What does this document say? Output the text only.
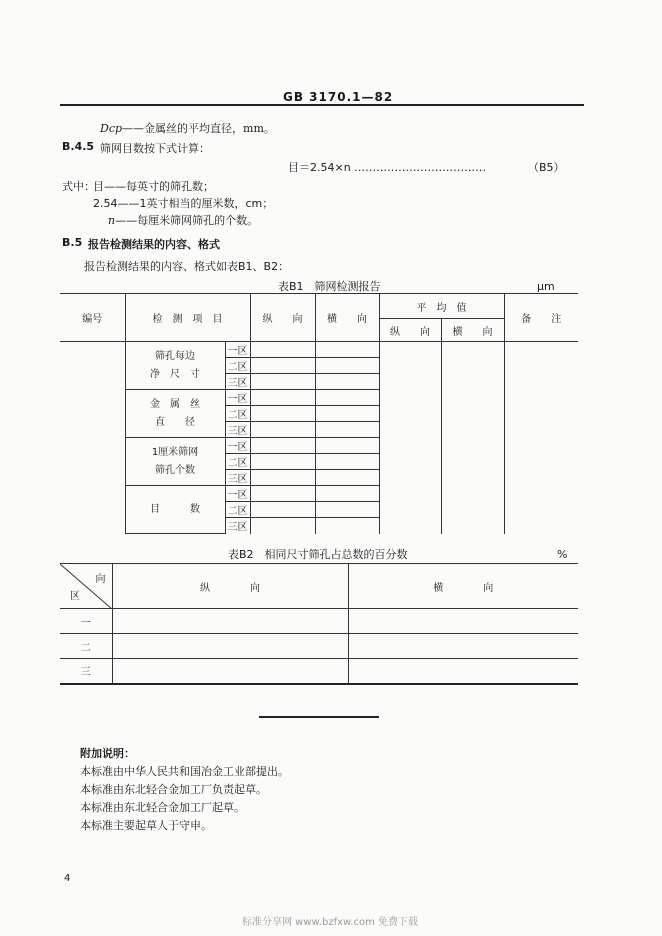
GB 3170.1—82
Dcp——金属丝的平均直径，mm。
B.4.5 筛网目数按下式计算：
目＝2.54×n ………………………………	（B5）
式中：
目——每英寸的筛孔数；
2.54——1英寸相当的厘米数，cm；
n——每厘米筛网筛孔的个数。
B.5 报告检测结果的内容、格式
报告检测结果的内容、格式如表B1、B2：
表B1　筛网检测报告	μm
编号	检　测　项　目		纵　　向	横　　向	平　均　值		备　　注
					纵　　向	横　　向	

	筛孔每边
净　尺　寸	一区					
		二区					
		三区					

	金　属　丝
直　　径	一区					
		二区					
		三区					

	1厘米筛网
筛孔个数	一区					
		二区					
		三区					

	目　　　数	一区					
		二区					
		三区					
表B2　相同尺寸筛孔占总数的百分数	%
向
区	纵　　　　向	横　　　　向
一		
二		
三		
附加说明：
本标准由中华人民共和国冶金工业部提出。
本标准由东北轻合金加工厂负责起草。
本标准由东北轻合金加工厂起草。
本标准主要起草人于守申。
4
标准分享网 www.bzfxw.com 免费下载
